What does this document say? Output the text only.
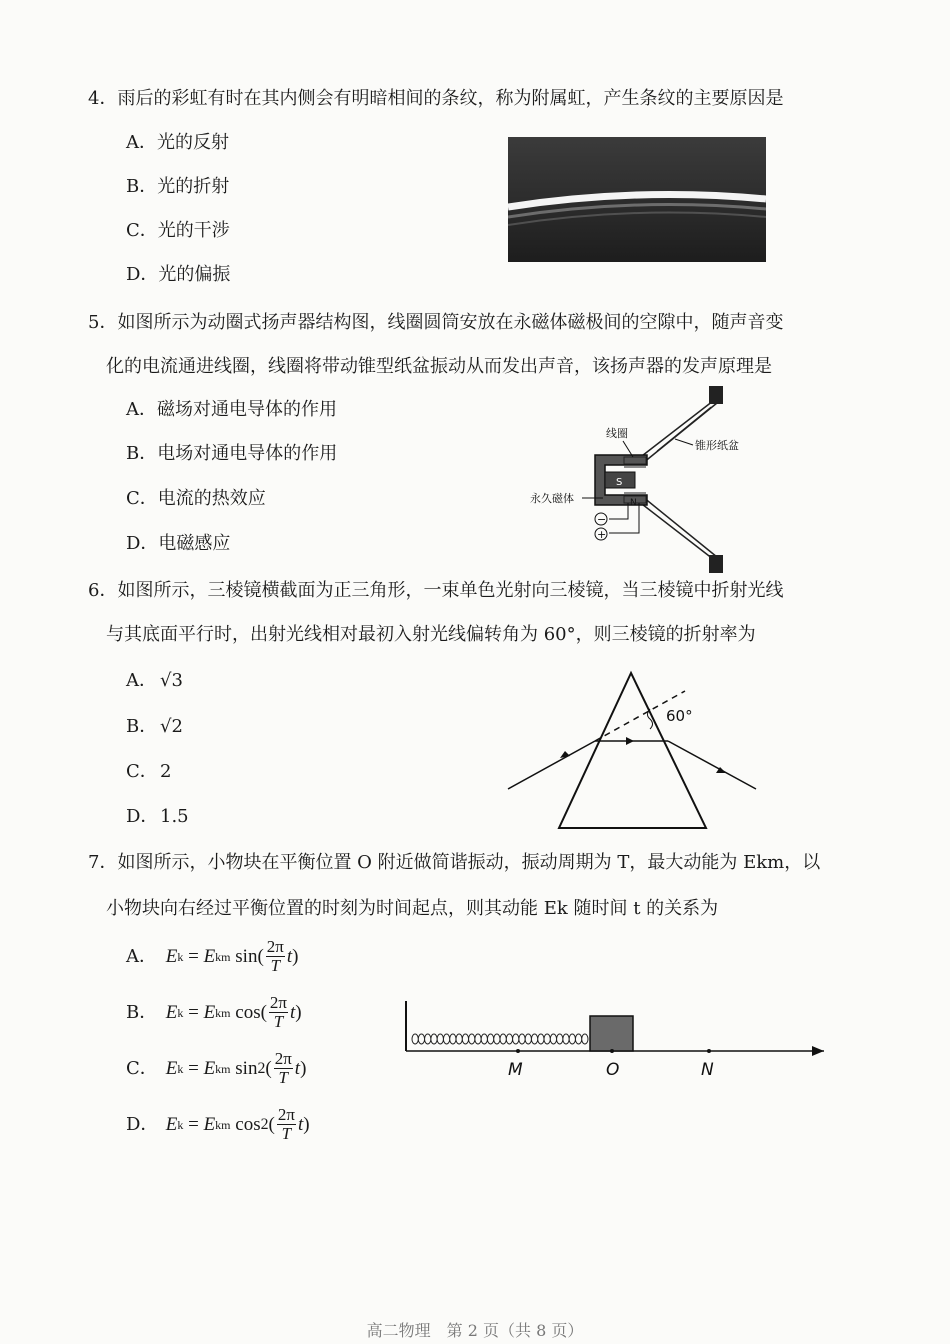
4．雨后的彩虹有时在其内侧会有明暗相间的条纹，称为附属虹，产生条纹的主要原因是
A．光的反射
B．光的折射
C．光的干涉
D．光的偏振
5．如图所示为动圈式扬声器结构图，线圈圆筒安放在永磁体磁极间的空隙中，随声音变
化的电流通进线圈，线圈将带动锥型纸盆振动从而发出声音，该扬声器的发声原理是
A．磁场对通电导体的作用
B．电场对通电导体的作用
C．电流的热效应
D．电磁感应
S
N
线圈
锥形纸盆
永久磁体
−
+
6．如图所示，三棱镜横截面为正三角形，一束单色光射向三棱镜，当三棱镜中折射光线
与其底面平行时，出射光线相对最初入射光线偏转角为 60°，则三棱镜的折射率为
A． √3
B． √2
C． 2
D．1.5
60°
7．如图所示，小物块在平衡位置 O 附近做简谐振动，振动周期为 T，最大动能为 Ekm，以
小物块向右经过平衡位置的时刻为时间起点，则其动能 Ek 随时间 t 的关系为
A． E k = E km
sin ( $\frac{2\pi}{T}$ t )
B． E k = E km
cos ( $\frac{2\pi}{T}$ t )
C． E k = E km
sin 2 ( $\frac{2\pi}{T}$ t )
D． E k = E km
cos 2 ( $\frac{2\pi}{T}$ t )
M	O	N
高二物理　第 2 页（共 8 页）
